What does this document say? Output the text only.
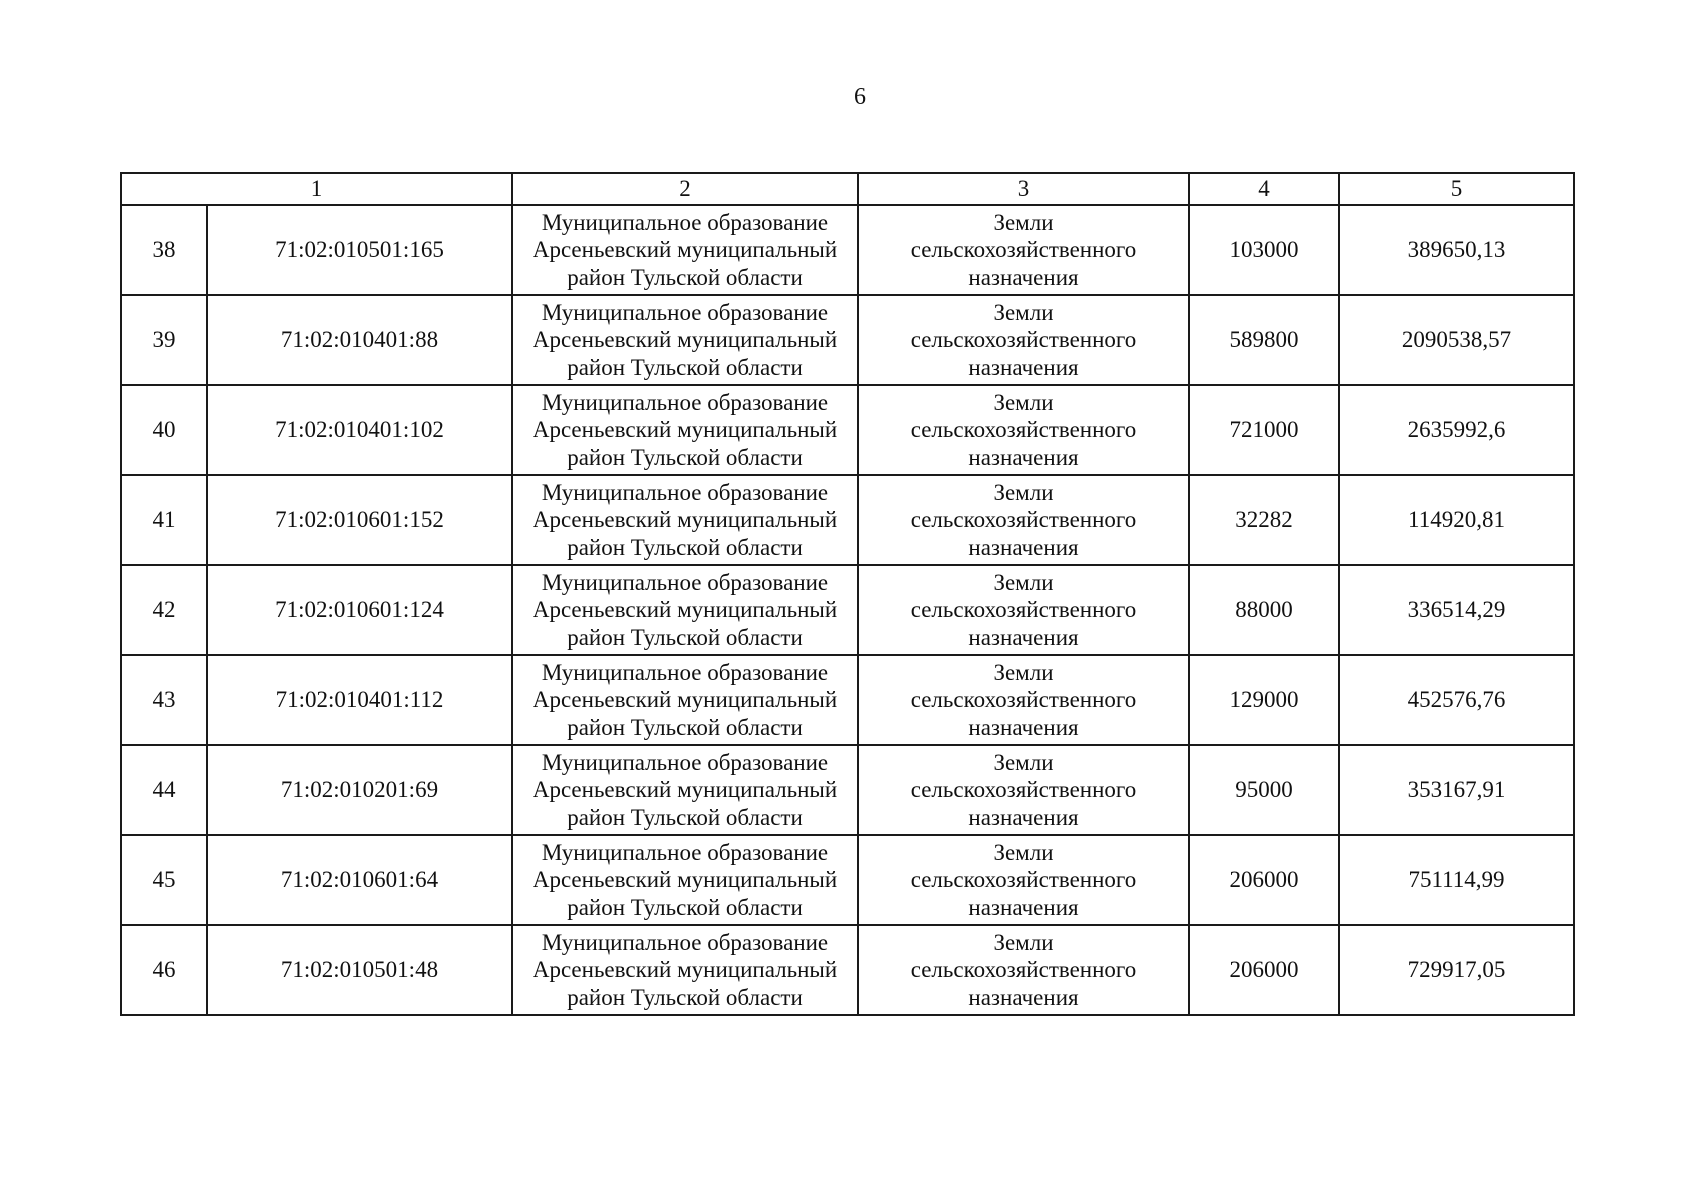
6
1		2	3	4	5
38	71:02:010501:165	Муниципальное образование
Арсеньевский муниципальный
район Тульской области	Земли
сельскохозяйственного
назначения	103000	389650,13
39	71:02:010401:88	Муниципальное образование
Арсеньевский муниципальный
район Тульской области	Земли
сельскохозяйственного
назначения	589800	2090538,57
40	71:02:010401:102	Муниципальное образование
Арсеньевский муниципальный
район Тульской области	Земли
сельскохозяйственного
назначения	721000	2635992,6
41	71:02:010601:152	Муниципальное образование
Арсеньевский муниципальный
район Тульской области	Земли
сельскохозяйственного
назначения	32282	114920,81
42	71:02:010601:124	Муниципальное образование
Арсеньевский муниципальный
район Тульской области	Земли
сельскохозяйственного
назначения	88000	336514,29
43	71:02:010401:112	Муниципальное образование
Арсеньевский муниципальный
район Тульской области	Земли
сельскохозяйственного
назначения	129000	452576,76
44	71:02:010201:69	Муниципальное образование
Арсеньевский муниципальный
район Тульской области	Земли
сельскохозяйственного
назначения	95000	353167,91
45	71:02:010601:64	Муниципальное образование
Арсеньевский муниципальный
район Тульской области	Земли
сельскохозяйственного
назначения	206000	751114,99
46	71:02:010501:48	Муниципальное образование
Арсеньевский муниципальный
район Тульской области	Земли
сельскохозяйственного
назначения	206000	729917,05
